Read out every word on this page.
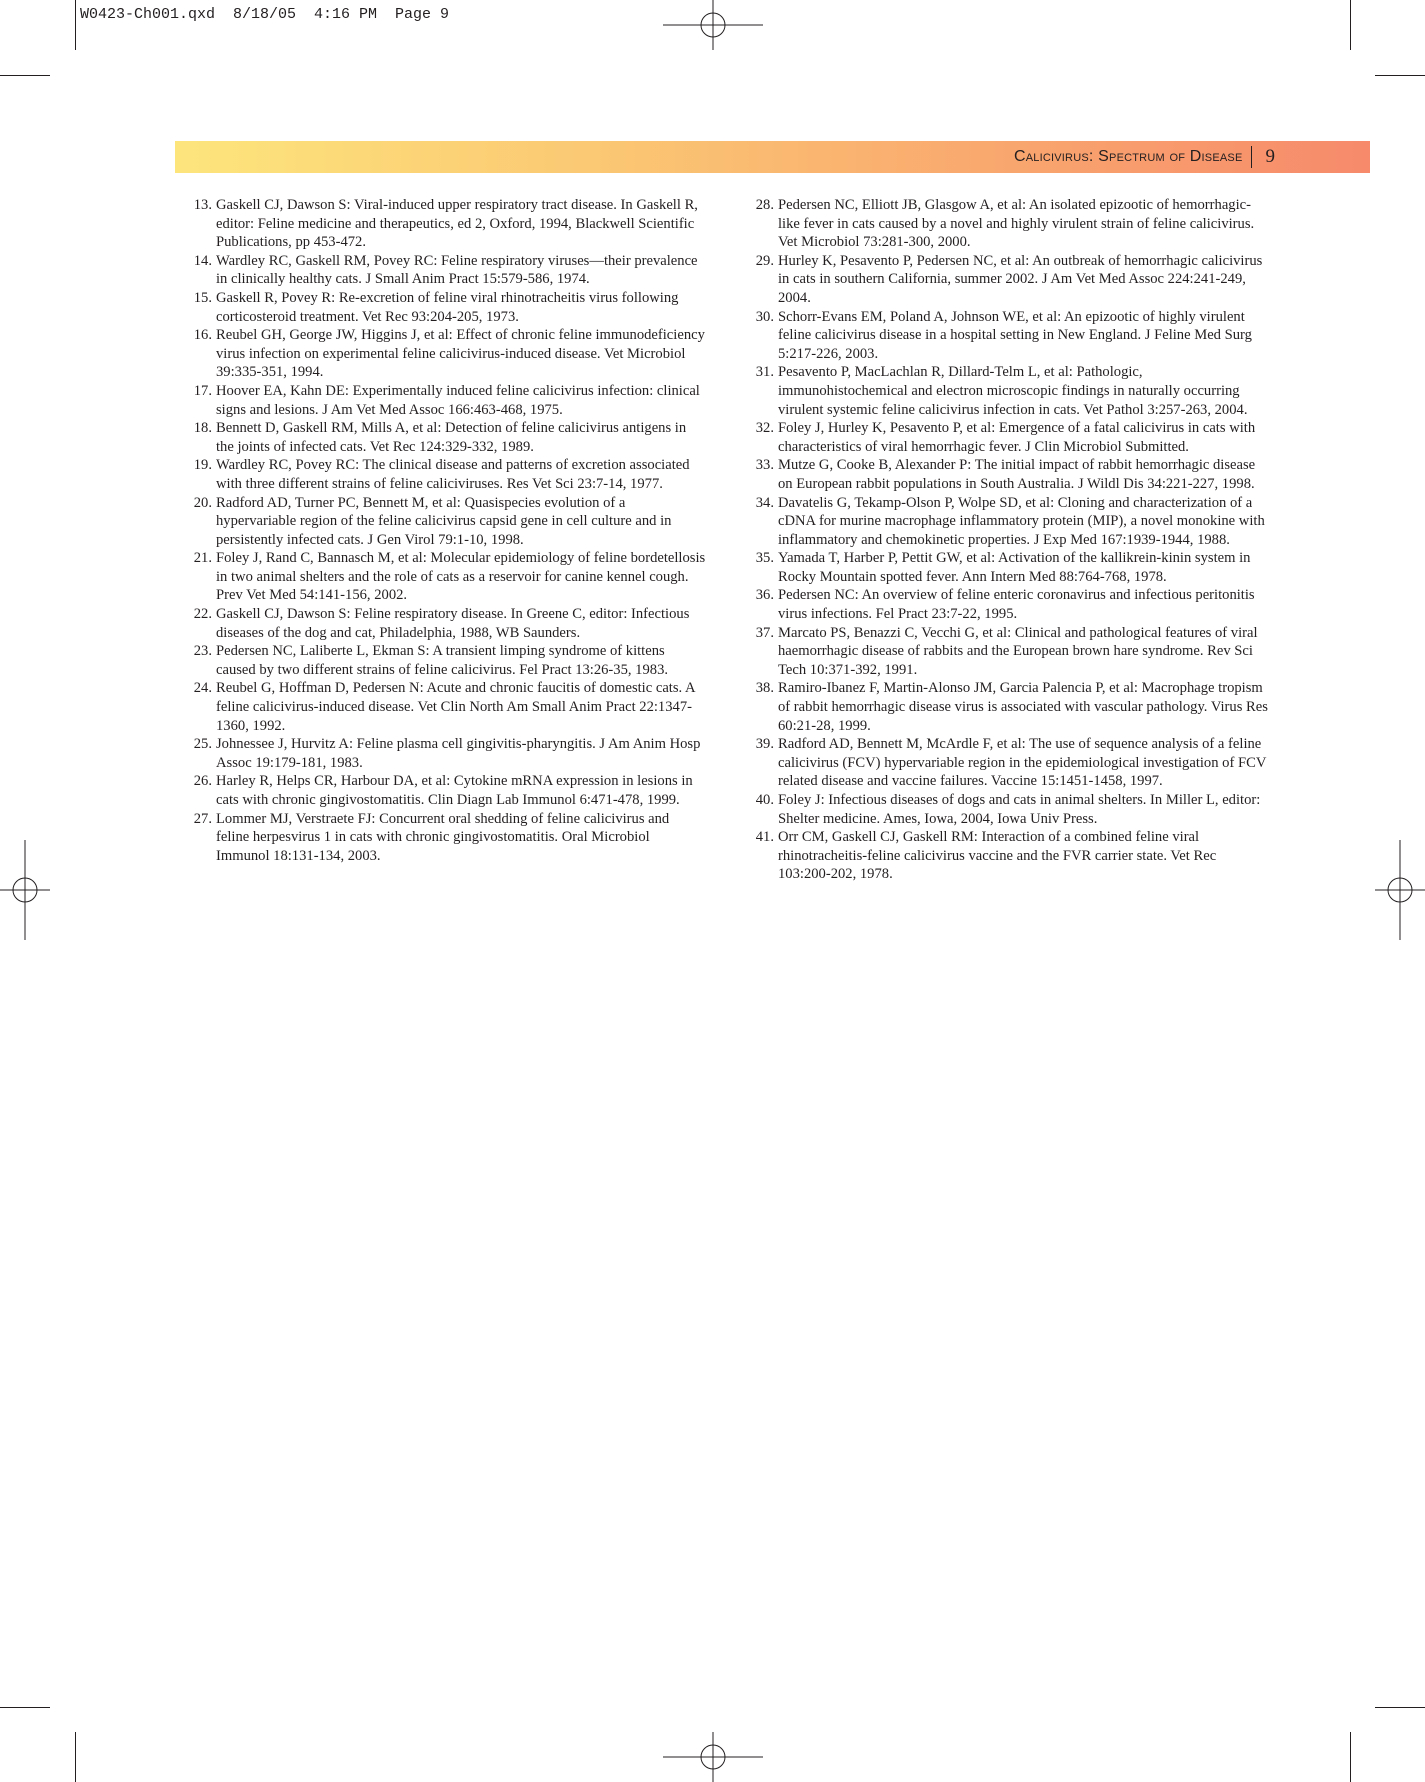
W0423-Ch001.qxd  8/18/05  4:16 PM  Page 9
Calicivirus: Spectrum of Disease 9

13. Gaskell CJ, Dawson S: Viral-induced upper respiratory tract disease. In Gaskell R, editor: Feline medicine and therapeutics, ed 2, Oxford, 1994, Blackwell Scientific Publications, pp 453-472.

14. Wardley RC, Gaskell RM, Povey RC: Feline respiratory viruses—their prevalence in clinically healthy cats. J Small Anim Pract 15:579-586, 1974.

15. Gaskell R, Povey R: Re-excretion of feline viral rhinotracheitis virus following corticosteroid treatment. Vet Rec 93:204-205, 1973.

16. Reubel GH, George JW, Higgins J, et al: Effect of chronic feline immunodeficiency virus infection on experimental feline calicivirus-induced disease. Vet Microbiol 39:335-351, 1994.

17. Hoover EA, Kahn DE: Experimentally induced feline calicivirus infection: clinical signs and lesions. J Am Vet Med Assoc 166:463-468, 1975.

18. Bennett D, Gaskell RM, Mills A, et al: Detection of feline calicivirus antigens in the joints of infected cats. Vet Rec 124:329-332, 1989.

19. Wardley RC, Povey RC: The clinical disease and patterns of excretion associated with three different strains of feline caliciviruses. Res Vet Sci 23:7-14, 1977.

20. Radford AD, Turner PC, Bennett M, et al: Quasispecies evolution of a hypervariable region of the feline calicivirus capsid gene in cell culture and in persistently infected cats. J Gen Virol 79:1-10, 1998.

21. Foley J, Rand C, Bannasch M, et al: Molecular epidemiology of feline bordetellosis in two animal shelters and the role of cats as a reservoir for canine kennel cough. Prev Vet Med 54:141-156, 2002.

22. Gaskell CJ, Dawson S: Feline respiratory disease. In Greene C, editor: Infectious diseases of the dog and cat, Philadelphia, 1988, WB Saunders.

23. Pedersen NC, Laliberte L, Ekman S: A transient limping syndrome of kittens caused by two different strains of feline calicivirus. Fel Pract 13:26-35, 1983.

24. Reubel G, Hoffman D, Pedersen N: Acute and chronic faucitis of domestic cats. A feline calicivirus-induced disease. Vet Clin North Am Small Anim Pract 22:1347-1360, 1992.

25. Johnessee J, Hurvitz A: Feline plasma cell gingivitis-pharyngitis. J Am Anim Hosp Assoc 19:179-181, 1983.

26. Harley R, Helps CR, Harbour DA, et al: Cytokine mRNA expression in lesions in cats with chronic gingivostomatitis. Clin Diagn Lab Immunol 6:471-478, 1999.

27. Lommer MJ, Verstraete FJ: Concurrent oral shedding of feline calicivirus and feline herpesvirus 1 in cats with chronic gingivostomatitis. Oral Microbiol Immunol 18:131-134, 2003.

28. Pedersen NC, Elliott JB, Glasgow A, et al: An isolated epizootic of hemorrhagic-like fever in cats caused by a novel and highly virulent strain of feline calicivirus. Vet Microbiol 73:281-300, 2000.

29. Hurley K, Pesavento P, Pedersen NC, et al: An outbreak of hemorrhagic calicivirus in cats in southern California, summer 2002. J Am Vet Med Assoc 224:241-249, 2004.

30. Schorr-Evans EM, Poland A, Johnson WE, et al: An epizootic of highly virulent feline calicivirus disease in a hospital setting in New England. J Feline Med Surg 5:217-226, 2003.

31. Pesavento P, MacLachlan R, Dillard-Telm L, et al: Pathologic, immunohistochemical and electron microscopic findings in naturally occurring virulent systemic feline calicivirus infection in cats. Vet Pathol 3:257-263, 2004.

32. Foley J, Hurley K, Pesavento P, et al: Emergence of a fatal calicivirus in cats with characteristics of viral hemorrhagic fever. J Clin Microbiol Submitted.

33. Mutze G, Cooke B, Alexander P: The initial impact of rabbit hemorrhagic disease on European rabbit populations in South Australia. J Wildl Dis 34:221-227, 1998.

34. Davatelis G, Tekamp-Olson P, Wolpe SD, et al: Cloning and characterization of a cDNA for murine macrophage inflammatory protein (MIP), a novel monokine with inflammatory and chemokinetic properties. J Exp Med 167:1939-1944, 1988.

35. Yamada T, Harber P, Pettit GW, et al: Activation of the kallikrein-kinin system in Rocky Mountain spotted fever. Ann Intern Med 88:764-768, 1978.

36. Pedersen NC: An overview of feline enteric coronavirus and infectious peritonitis virus infections. Fel Pract 23:7-22, 1995.

37. Marcato PS, Benazzi C, Vecchi G, et al: Clinical and pathological features of viral haemorrhagic disease of rabbits and the European brown hare syndrome. Rev Sci Tech 10:371-392, 1991.

38. Ramiro-Ibanez F, Martin-Alonso JM, Garcia Palencia P, et al: Macrophage tropism of rabbit hemorrhagic disease virus is associated with vascular pathology. Virus Res 60:21-28, 1999.

39. Radford AD, Bennett M, McArdle F, et al: The use of sequence analysis of a feline calicivirus (FCV) hypervariable region in the epidemiological investigation of FCV related disease and vaccine failures. Vaccine 15:1451-1458, 1997.

40. Foley J: Infectious diseases of dogs and cats in animal shelters. In Miller L, editor: Shelter medicine. Ames, Iowa, 2004, Iowa Univ Press.

41. Orr CM, Gaskell CJ, Gaskell RM: Interaction of a combined feline viral rhinotracheitis-feline calicivirus vaccine and the FVR carrier state. Vet Rec 103:200-202, 1978.
